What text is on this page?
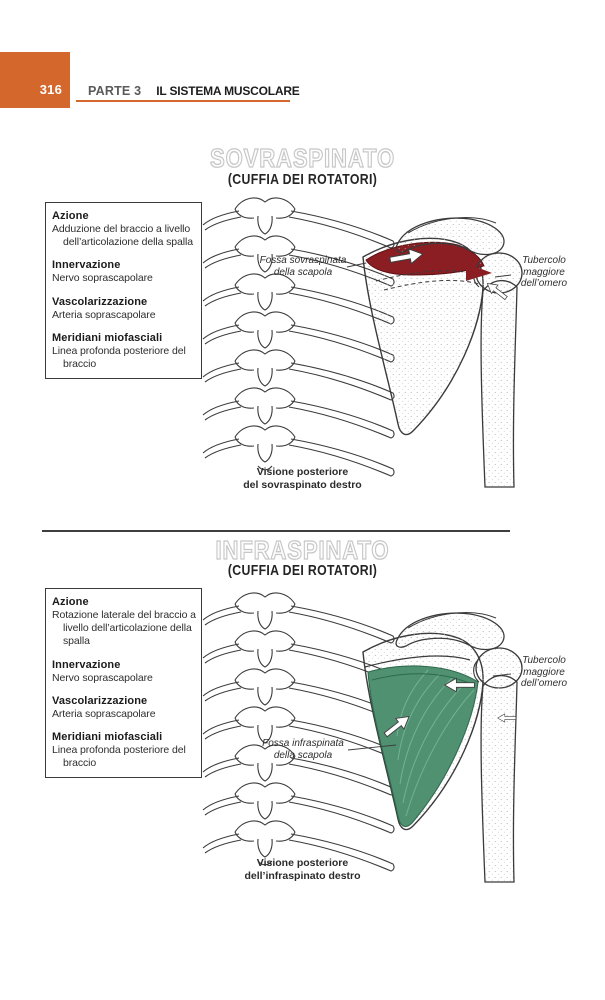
316 PARTE 3 IL SISTEMA MUSCOLARE
SOVRASPINATO
(CUFFIA DEI ROTATORI)
Azione

Adduzione del braccio a livello dell’articolazione della spalla

Innervazione

Nervo soprascapolare

Vascolarizzazione

Arteria soprascapolare

Meridiani miofasciali

Linea profonda posteriore del braccio

Fossa sovraspinata
della scapola
Tubercolo
maggiore
dell’omero
Visione posteriore
del sovraspinato destro
INFRASPINATO
(CUFFIA DEI ROTATORI)
Azione

Rotazione laterale del braccio a livello dell’articolazione della spalla

Innervazione

Nervo soprascapolare

Vascolarizzazione

Arteria soprascapolare

Meridiani miofasciali

Linea profonda posteriore del braccio

Fossa infraspinata
della scapola
Tubercolo
maggiore
dell’omero
Visione posteriore
dell’infraspinato destro
